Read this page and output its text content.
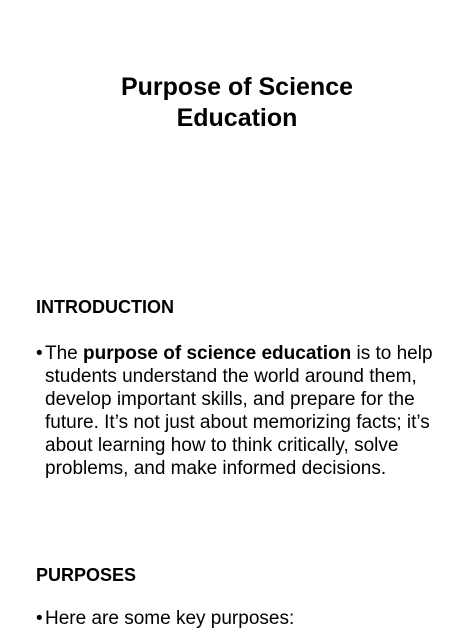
Purpose of Science
Education
INTRODUCTION
• The purpose of science education is to help students understand the world around them, develop important skills, and prepare for the future. It’s not just about memorizing facts; it’s about learning how to think critically, solve problems, and make informed decisions.
PURPOSES
• Here are some key purposes:
